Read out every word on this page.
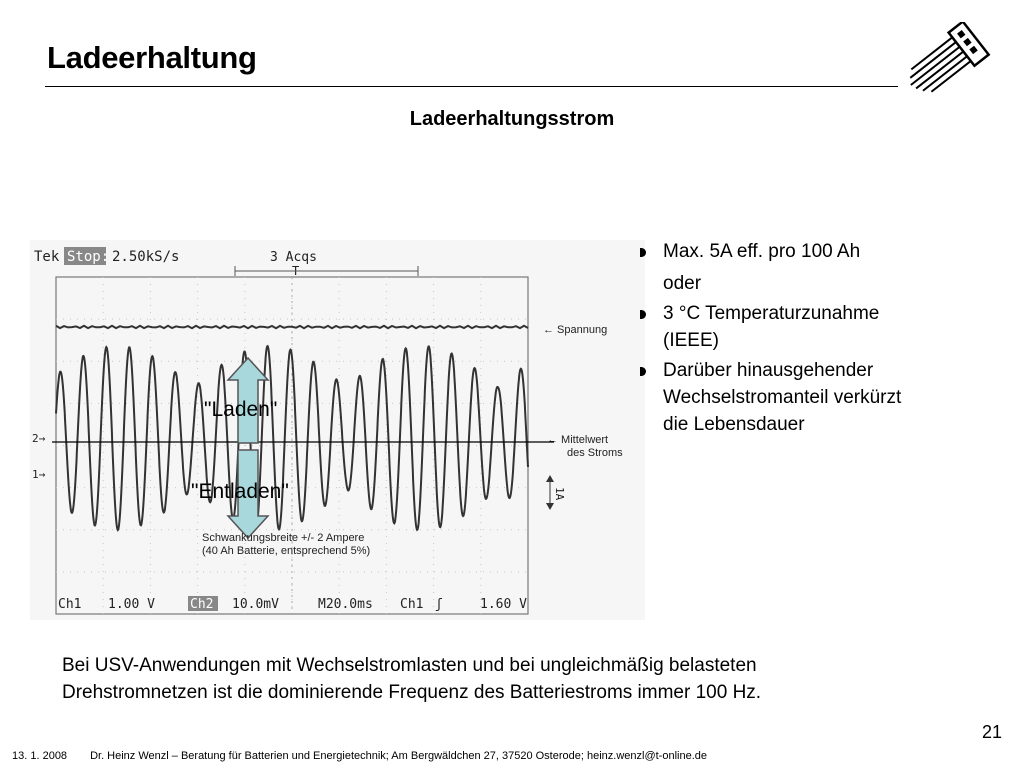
Ladeerhaltung
Ladeerhaltungsstrom
Tek Stop: 2.50kS/s	3 Acqs
T
2→
1→
← Spannung
← Mittelwert
des Stroms
1A
"Laden"
"Entladen"
Schwankungsbreite +/- 2 Ampere
(40 Ah Batterie, entsprechend 5%)
Ch1 1.00 V	Ch2 10.0mV	M20.0ms Ch1 ʃ	1.60 V
Max. 5A eff. pro 100 Ah
oder
3 °C Temperaturzunahme
(IEEE)
Darüber hinausgehender
Wechselstromanteil verkürzt
die Lebensdauer
Bei USV-Anwendungen mit Wechselstromlasten und bei ungleichmäßig belasteten
Drehstromnetzen ist die dominierende Frequenz des Batteriestroms immer 100 Hz.
21
13. 1. 2008 Dr. Heinz Wenzl – Beratung für Batterien und Energietechnik; Am Bergwäldchen 27, 37520 Osterode; heinz.wenzl@t-online.de
